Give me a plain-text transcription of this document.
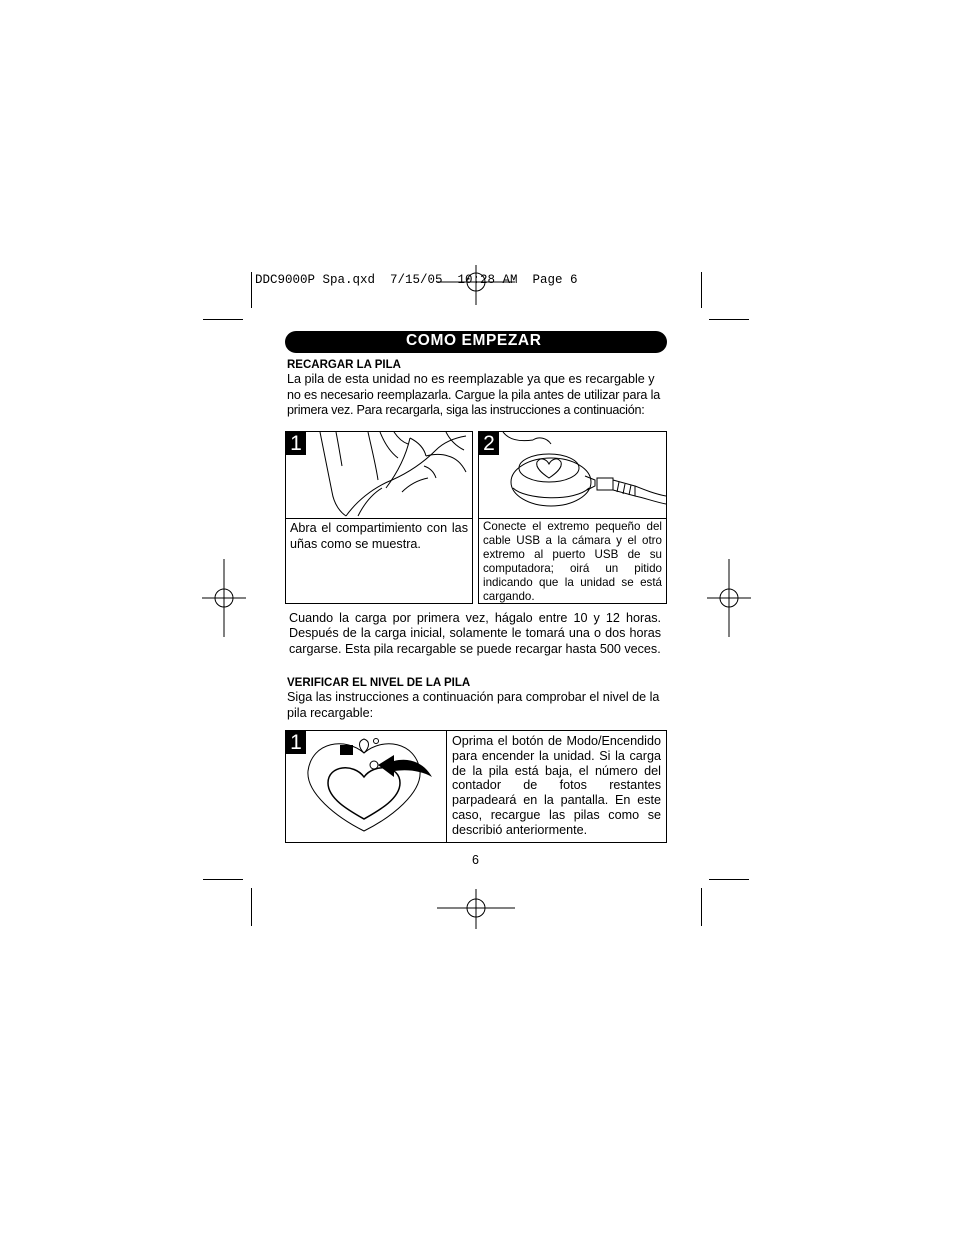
DDC9000P Spa.qxd  7/15/05  10:28 AM  Page 6
COMO EMPEZAR
RECARGAR LA PILA
La pila de esta unidad no es reemplazable ya que es recargable y
no es necesario reemplazarla. Cargue la pila antes de utilizar para la
primera vez. Para recargarla, siga las instrucciones a continuación:
1
Abra el compartimiento con las uñas como se muestra.
2
Conecte el extremo pequeño del cable USB a la cámara y el otro extremo al puerto USB de su computadora; oirá un pitido indicando que la unidad se está cargando.
Cuando la carga por primera vez, hágalo entre 10 y 12 horas. Después de la carga inicial, solamente le tomará una o dos horas cargarse. Esta pila recargable se puede recargar hasta 500 veces.
VERIFICAR EL NIVEL DE LA PILA
Siga las instrucciones a continuación para comprobar el nivel de la pila recargable:
1	Oprima el botón de Modo/Encendido para encender la unidad. Si la carga de la pila está baja, el número del contador de fotos restantes parpadeará en la pantalla. En este caso, recargue las pilas como se describió anteriormente.
6
